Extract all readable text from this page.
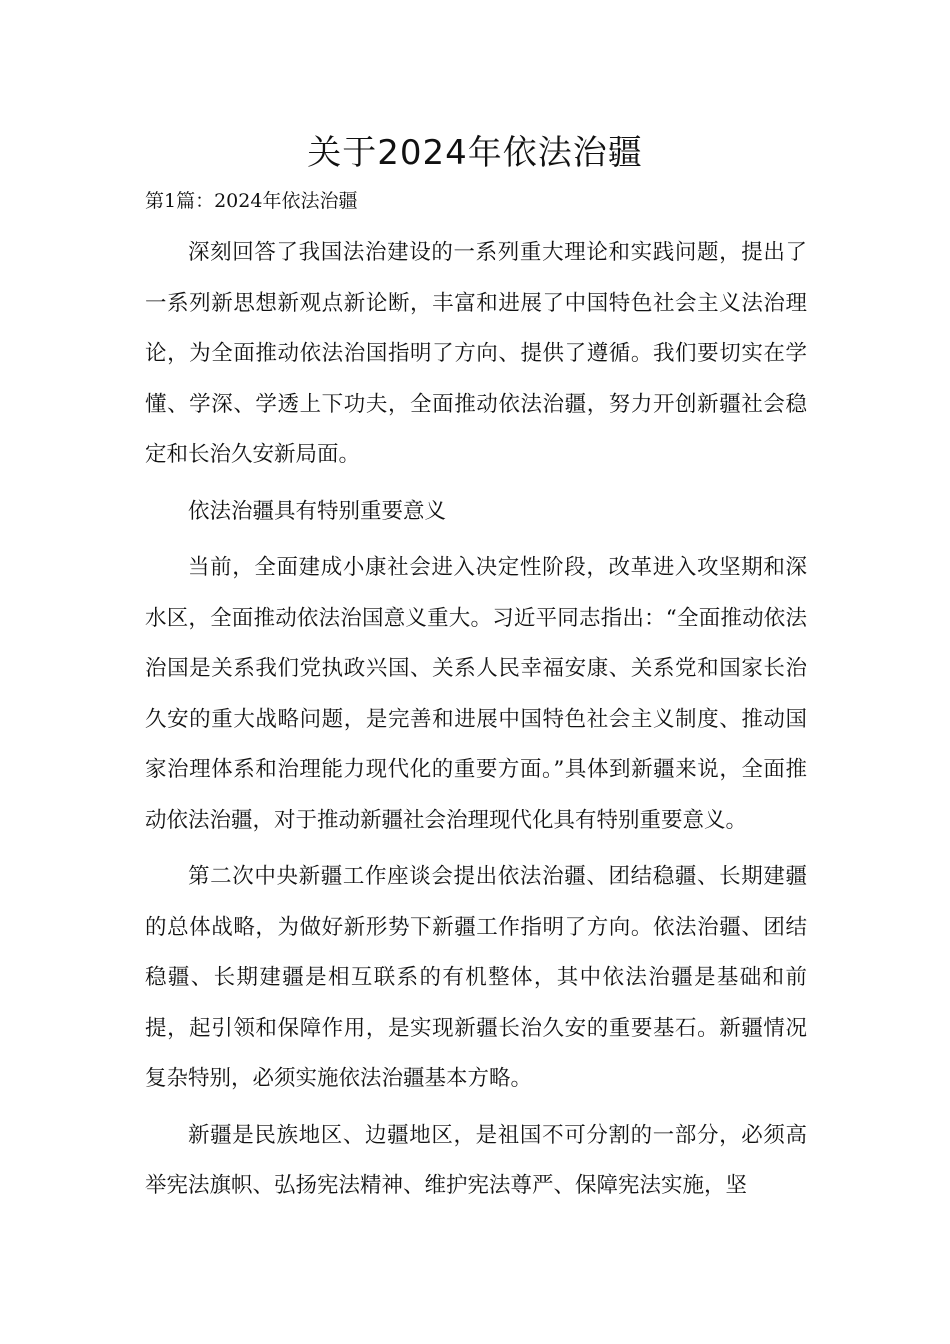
关于2024年依法治疆

第1篇：2024年依法治疆

深刻回答了我国法治建设的一系列重大理论和实践问题，提出了一系列新思想新观点新论断，丰富和进展了中国特色社会主义法治理论，为全面推动依法治国指明了方向、提供了遵循。我们要切实在学懂、学深、学透上下功夫，全面推动依法治疆，努力开创新疆社会稳定和长治久安新局面。

依法治疆具有特别重要意义

当前，全面建成小康社会进入决定性阶段，改革进入攻坚期和深水区，全面推动依法治国意义重大。习近平同志指出：“全面推动依法治国是关系我们党执政兴国、关系人民幸福安康、关系党和国家长治久安的重大战略问题，是完善和进展中国特色社会主义制度、推动国家治理体系和治理能力现代化的重要方面。”具体到新疆来说，全面推动依法治疆，对于推动新疆社会治理现代化具有特别重要意义。

第二次中央新疆工作座谈会提出依法治疆、团结稳疆、长期建疆的总体战略，为做好新形势下新疆工作指明了方向。依法治疆、团结稳疆、长期建疆是相互联系的有机整体，其中依法治疆是基础和前提，起引领和保障作用，是实现新疆长治久安的重要基石。新疆情况复杂特别，必须实施依法治疆基本方略。

新疆是民族地区、边疆地区，是祖国不可分割的一部分，必须高举宪法旗帜、弘扬宪法精神、维护宪法尊严、保障宪法实施，坚
